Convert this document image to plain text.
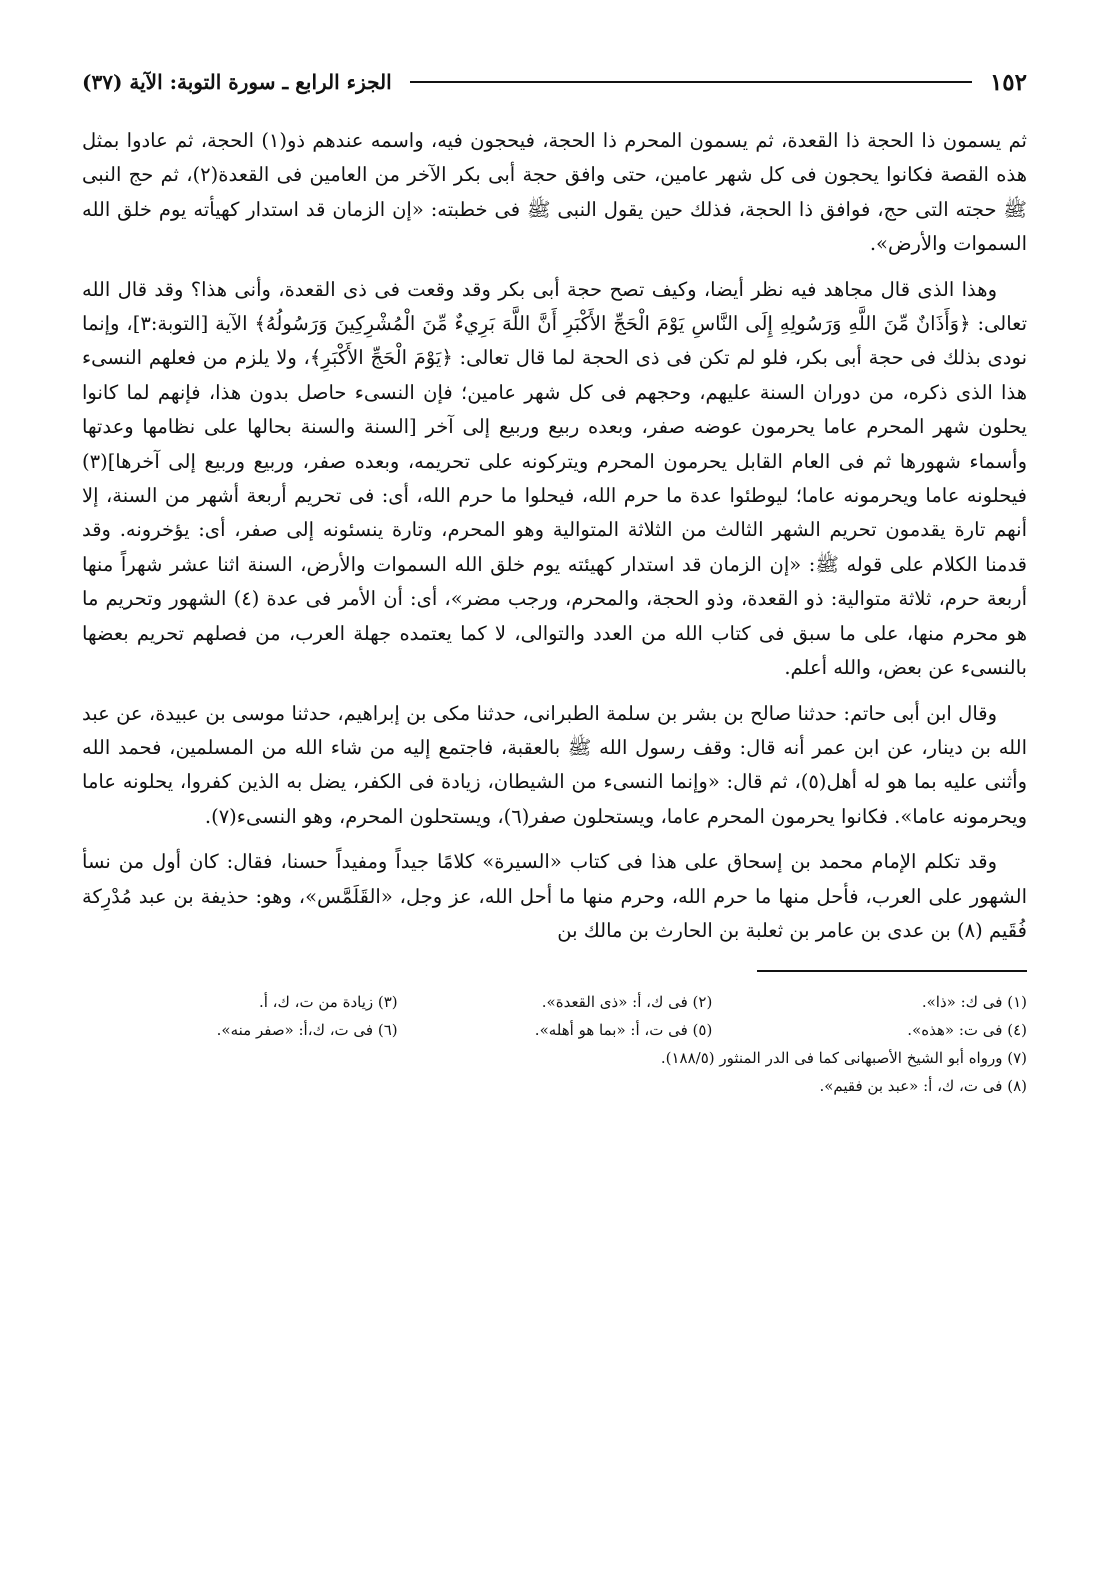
١٥٢
الجزء الرابع ـ سورة التوبة: الآية (٣٧)

ثم يسمون ذا الحجة ذا القعدة، ثم يسمون المحرم ذا الحجة، فيحجون فيه، واسمه عندهم ذو(١) الحجة، ثم عادوا بمثل هذه القصة فكانوا يحجون فى كل شهر عامين، حتى وافق حجة أبى بكر الآخر من العامين فى القعدة(٢)، ثم حج النبى ﷺ حجته التى حج، فوافق ذا الحجة، فذلك حين يقول النبى ﷺ فى خطبته: «إن الزمان قد استدار كهيأته يوم خلق الله السموات والأرض».

وهذا الذى قال مجاهد فيه نظر أيضا، وكيف تصح حجة أبى بكر وقد وقعت فى ذى القعدة، وأنى هذا؟ وقد قال الله تعالى: ﴿وَأَذَانٌ مِّنَ اللَّهِ وَرَسُولِهِ إِلَى النَّاسِ يَوْمَ الْحَجِّ الأَكْبَرِ أَنَّ اللَّهَ بَرِيءٌ مِّنَ الْمُشْرِكِينَ وَرَسُولُهُ﴾ الآية [التوبة:٣]، وإنما نودى بذلك فى حجة أبى بكر، فلو لم تكن فى ذى الحجة لما قال تعالى: ﴿يَوْمَ الْحَجِّ الأَكْبَرِ﴾، ولا يلزم من فعلهم النسىء هذا الذى ذكره، من دوران السنة عليهم، وحجهم فى كل شهر عامين؛ فإن النسىء حاصل بدون هذا، فإنهم لما كانوا يحلون شهر المحرم عاما يحرمون عوضه صفر، وبعده ربيع وربيع إلى آخر [السنة والسنة بحالها على نظامها وعدتها وأسماء شهورها ثم فى العام القابل يحرمون المحرم ويتركونه على تحريمه، وبعده صفر، وربيع وربيع إلى آخرها](٣) فيحلونه عاما ويحرمونه عاما؛ ليوطئوا عدة ما حرم الله، فيحلوا ما حرم الله، أى: فى تحريم أربعة أشهر من السنة، إلا أنهم تارة يقدمون تحريم الشهر الثالث من الثلاثة المتوالية وهو المحرم، وتارة ينسئونه إلى صفر، أى: يؤخرونه. وقد قدمنا الكلام على قوله ﷺ: «إن الزمان قد استدار كهيئته يوم خلق الله السموات والأرض، السنة اثنا عشر شهراً منها أربعة حرم، ثلاثة متوالية: ذو القعدة، وذو الحجة، والمحرم، ورجب مضر»، أى: أن الأمر فى عدة (٤) الشهور وتحريم ما هو محرم منها، على ما سبق فى كتاب الله من العدد والتوالى، لا كما يعتمده جهلة العرب، من فصلهم تحريم بعضها بالنسىء عن بعض، والله أعلم.

وقال ابن أبى حاتم: حدثنا صالح بن بشر بن سلمة الطبرانى، حدثنا مكى بن إبراهيم، حدثنا موسى بن عبيدة، عن عبد الله بن دينار، عن ابن عمر أنه قال: وقف رسول الله ﷺ بالعقبة، فاجتمع إليه من شاء الله من المسلمين، فحمد الله وأثنى عليه بما هو له أهل(٥)، ثم قال: «وإنما النسىء من الشيطان، زيادة فى الكفر، يضل به الذين كفروا، يحلونه عاما ويحرمونه عاما». فكانوا يحرمون المحرم عاما، ويستحلون صفر(٦)، ويستحلون المحرم، وهو النسىء(٧).

وقد تكلم الإمام محمد بن إسحاق على هذا فى كتاب «السيرة» كلامًا جيداً ومفيداً حسنا، فقال: كان أول من نسأ الشهور على العرب، فأحل منها ما حرم الله، وحرم منها ما أحل الله، عز وجل، «القَلَمَّس»، وهو: حذيفة بن عبد مُدْرِكة فُقَيم (٨) بن عدى بن عامر بن ثعلبة بن الحارث بن مالك بن

(١) فى ك: «ذا».
(٢) فى ك، أ: «ذى القعدة».
(٣) زيادة من ت، ك، أ.
(٤) فى ت: «هذه».
(٥) فى ت، أ: «بما هو أهله».
(٦) فى ت، ك،أ: «صفر منه».
(٧) ورواه أبو الشيخ الأصبهانى كما فى الدر المنثور (١٨٨/٥).
(٨) فى ت، ك، أ: «عبد بن فقيم».
